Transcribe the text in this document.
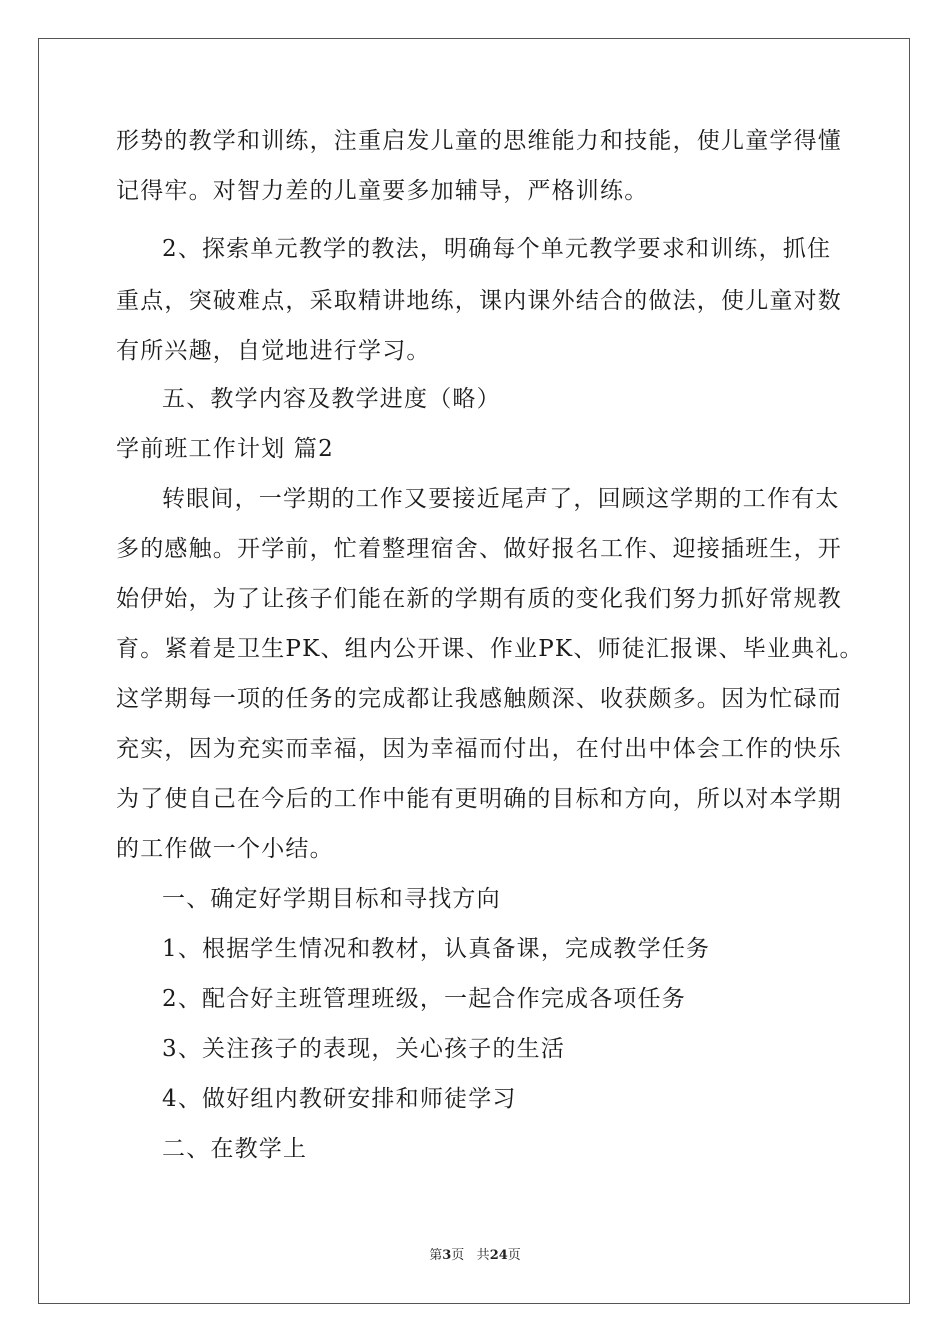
形势的教学和训练，注重启发儿童的思维能力和技能，使儿童学得懂
记得牢。对智力差的儿童要多加辅导，严格训练。
2、探索单元教学的教法，明确每个单元教学要求和训练，抓住
重点，突破难点，采取精讲地练，课内课外结合的做法，使儿童对数
有所兴趣，自觉地进行学习。
五、教学内容及教学进度（略）
学前班工作计划 篇2
转眼间，一学期的工作又要接近尾声了，回顾这学期的工作有太
多的感触。开学前，忙着整理宿舍、做好报名工作、迎接插班生，开
始伊始，为了让孩子们能在新的学期有质的变化我们努力抓好常规教
育。紧着是卫生PK、组内公开课、作业PK、师徒汇报课、毕业典礼。
这学期每一项的任务的完成都让我感触颇深、收获颇多。因为忙碌而
充实，因为充实而幸福，因为幸福而付出，在付出中体会工作的快乐
为了使自己在今后的工作中能有更明确的目标和方向，所以对本学期
的工作做一个小结。
一、确定好学期目标和寻找方向
1、根据学生情况和教材，认真备课，完成教学任务
2、配合好主班管理班级，一起合作完成各项任务
3、关注孩子的表现，关心孩子的生活
4、做好组内教研安排和师徒学习
二、在教学上
第3页 共24页
